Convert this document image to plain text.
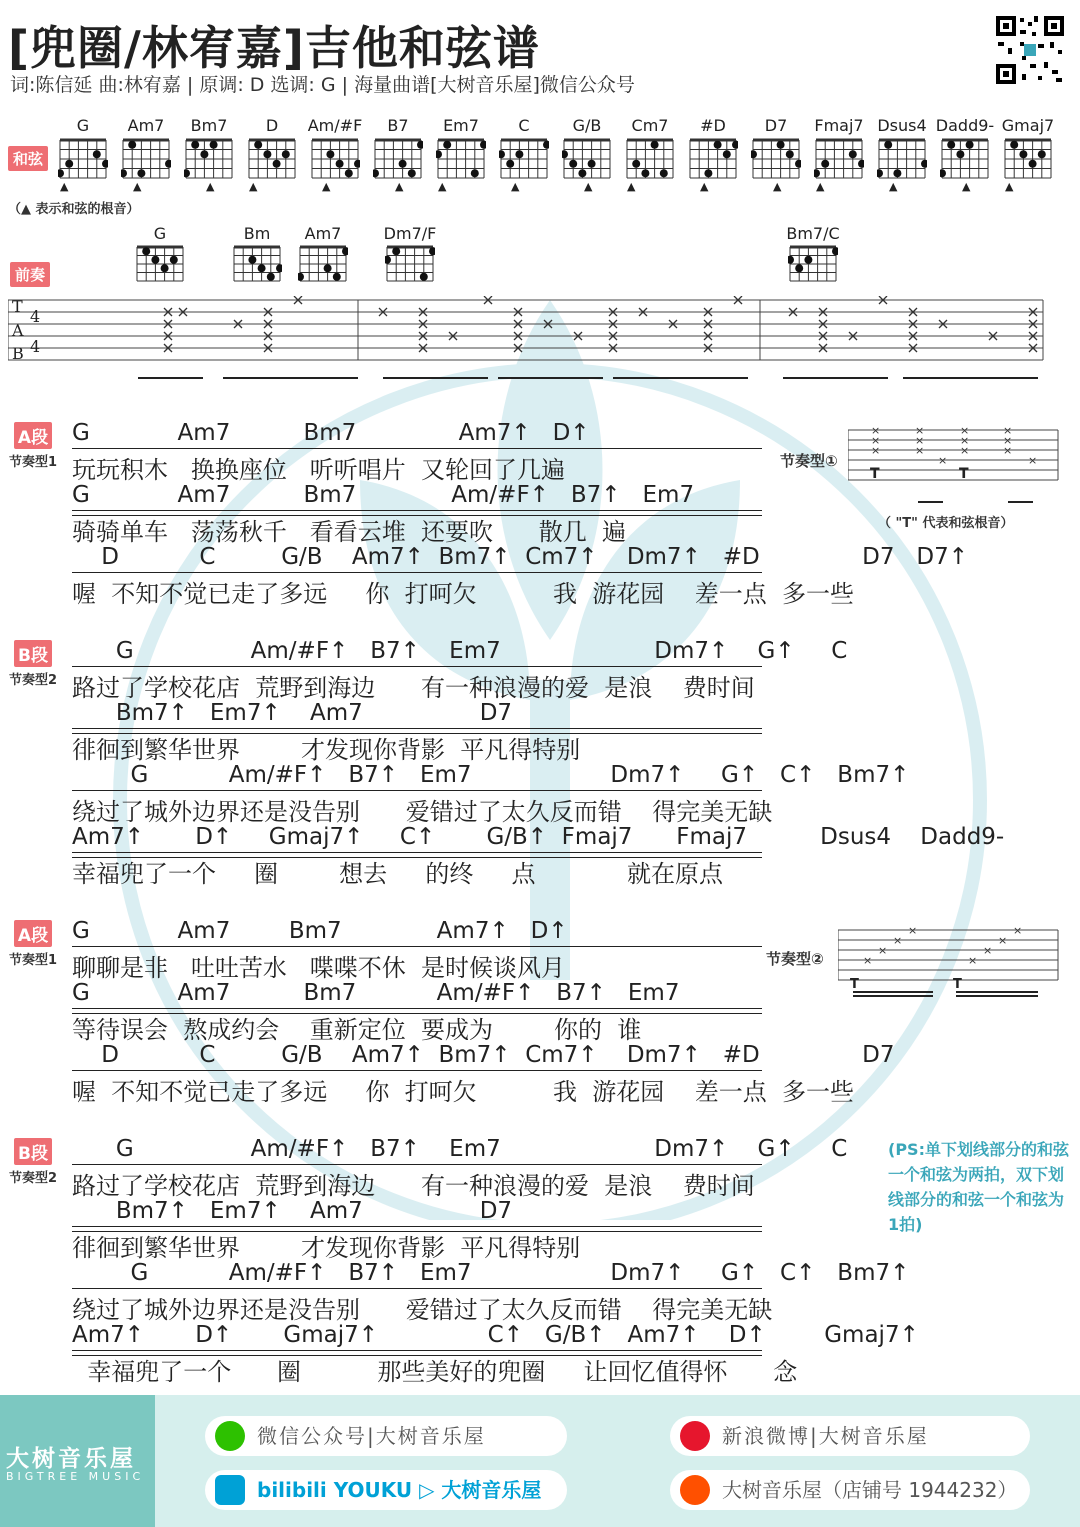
[兜圈/林宥嘉]吉他和弦谱
词:陈信延 曲:林宥嘉 | 原调: D 选调: G | 海量曲谱[大树音乐屋]微信公众号
和弦
G
▲
Am7
▲
Bm7
▲
D
▲
Am/#F
▲
B7
▲
Em7
▲
C
▲
G/B
▲
Cm7
▲
#D
▲
D7
▲
Fmaj7
▲
Dsus4
▲
Dadd9-
▲
Gmaj7
▲
（▲ 表示和弦的根音）
前奏
G	Bm	Am7	Dm7/F	Bm7/C
T
A
B
4
4
节奏型①
×
×
×
×
×
×
×
×
×
×
×
×
×
×
T	T
（ "T" 代表和弦根音）
节奏型②	×
×
×
×
×
×
×
×
T	T
(PS:单下划线部分的和弦一个和弦为两拍，双下划线部分的和弦一个和弦为1拍)
A段
节奏型1
G            Am7          Bm7              Am7↑   D↑
玩玩积木   换换座位   听听唱片  又轮回了几遍
G            Am7          Bm7             Am/#F↑   B7↑   Em7
骑骑单车   荡荡秋千   看看云堆  还要吹      散几  遍
D           C         G/B    Am7↑  Bm7↑  Cm7↑    Dm7↑   #D              D7   D7↑
喔  不知不觉已走了多远     你  打呵欠          我  游花园    差一点  多一些
B段
节奏型2
G                Am/#F↑   B7↑    Em7                     Dm7↑    G↑     C
路过了学校花店  荒野到海边      有一种浪漫的爱  是浪    费时间
Bm7↑   Em7↑    Am7                D7
徘徊到繁华世界        才发现你背影  平凡得特别
G           Am/#F↑   B7↑   Em7                   Dm7↑     G↑   C↑   Bm7↑
绕过了城外边界还是没告别      爱错过了太久反而错    得完美无缺
Am7↑       D↑     Gmaj7↑     C↑       G/B↑  Fmaj7      Fmaj7          Dsus4    Dadd9-
幸福兜了一个     圈        想去     的终     点            就在原点
A段
节奏型1
G            Am7        Bm7             Am7↑   D↑
聊聊是非   吐吐苦水   喋喋不休  是时候谈风月
G            Am7          Bm7           Am/#F↑   B7↑   Em7
等待误会  熬成约会    重新定位  要成为        你的  谁
D           C         G/B    Am7↑  Bm7↑  Cm7↑    Dm7↑   #D              D7
喔  不知不觉已走了多远     你  打呵欠          我  游花园    差一点  多一些
B段
节奏型2
G                Am/#F↑   B7↑    Em7                     Dm7↑    G↑     C
路过了学校花店  荒野到海边      有一种浪漫的爱  是浪    费时间
Bm7↑   Em7↑    Am7                D7
徘徊到繁华世界        才发现你背影  平凡得特别
G           Am/#F↑   B7↑   Em7                   Dm7↑     G↑   C↑   Bm7↑
绕过了城外边界还是没告别      爱错过了太久反而错    得完美无缺
Am7↑       D↑       Gmaj7↑               C↑   G/B↑   Am7↑    D↑        Gmaj7↑
幸福兜了一个      圈          那些美好的兜圈     让回忆值得怀      念
大树音乐屋
BIGTREE MUSIC
微信公众号|大树音乐屋	新浪微博|大树音乐屋
bilibili YOUKU ▷ 大树音乐屋	大树音乐屋（店铺号 1944232）
